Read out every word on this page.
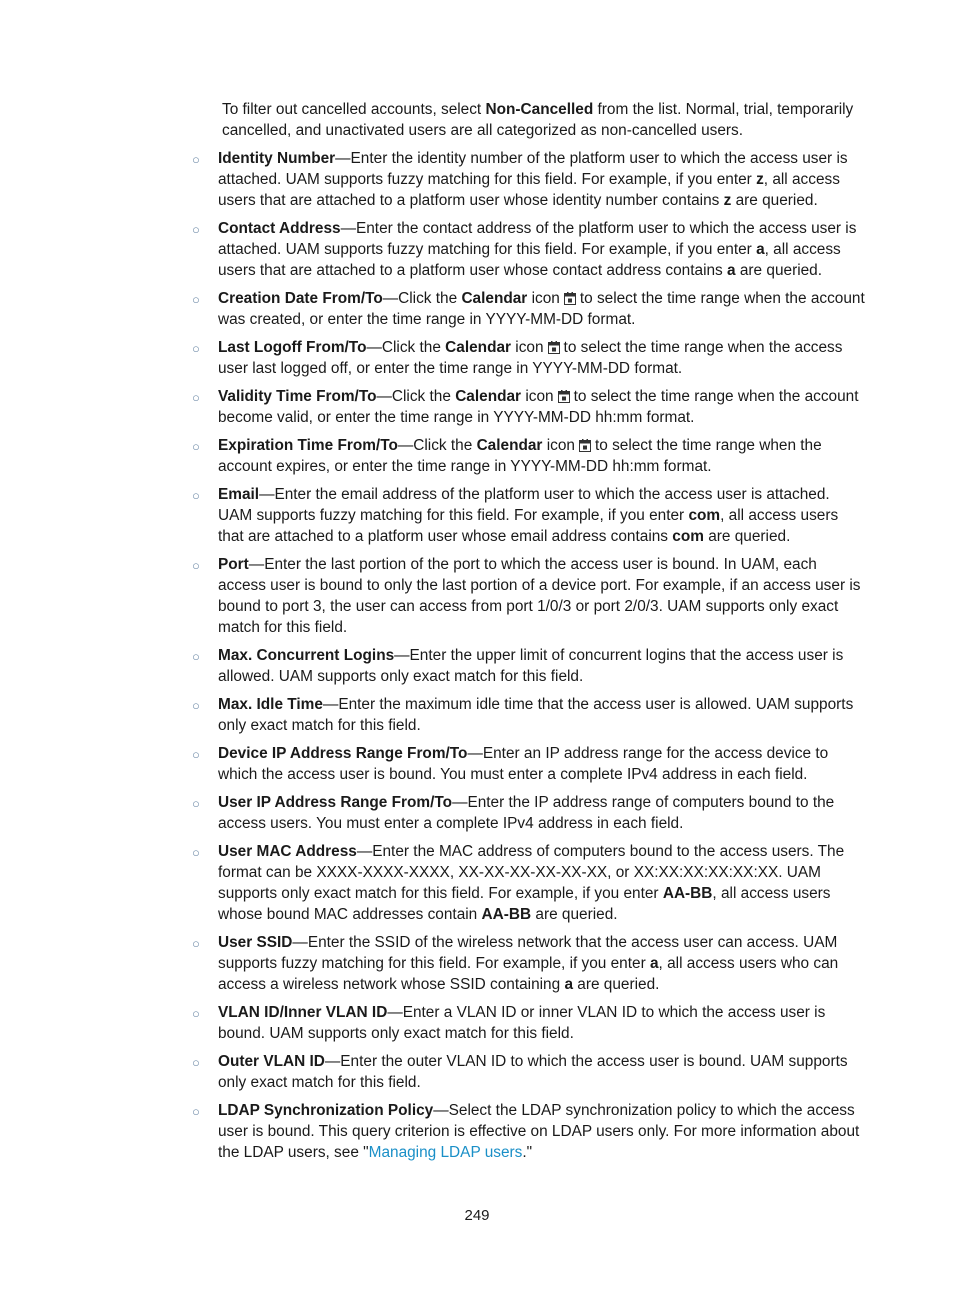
To filter out cancelled accounts, select Non-Cancelled from the list. Normal, trial, temporarily cancelled, and unactivated users are all categorized as non-cancelled users.

○ Identity Number—Enter the identity number of the platform user to which the access user is attached. UAM supports fuzzy matching for this field. For example, if you enter z, all access users that are attached to a platform user whose identity number contains z are queried.
○ Contact Address—Enter the contact address of the platform user to which the access user is attached. UAM supports fuzzy matching for this field. For example, if you enter a, all access users that are attached to a platform user whose contact address contains a are queried.
○ Creation Date From/To—Click the Calendar icon to select the time range when the account was created, or enter the time range in YYYY-MM-DD format.
○ Last Logoff From/To—Click the Calendar icon to select the time range when the access user last logged off, or enter the time range in YYYY-MM-DD format.
○ Validity Time From/To—Click the Calendar icon to select the time range when the account become valid, or enter the time range in YYYY-MM-DD hh:mm format.
○ Expiration Time From/To—Click the Calendar icon to select the time range when the account expires, or enter the time range in YYYY-MM-DD hh:mm format.
○ Email—Enter the email address of the platform user to which the access user is attached. UAM supports fuzzy matching for this field. For example, if you enter com, all access users that are attached to a platform user whose email address contains com are queried.
○ Port—Enter the last portion of the port to which the access user is bound. In UAM, each access user is bound to only the last portion of a device port. For example, if an access user is bound to port 3, the user can access from port 1/0/3 or port 2/0/3. UAM supports only exact match for this field.
○ Max. Concurrent Logins—Enter the upper limit of concurrent logins that the access user is allowed. UAM supports only exact match for this field.
○ Max. Idle Time—Enter the maximum idle time that the access user is allowed. UAM supports only exact match for this field.
○ Device IP Address Range From/To—Enter an IP address range for the access device to which the access user is bound. You must enter a complete IPv4 address in each field.
○ User IP Address Range From/To—Enter the IP address range of computers bound to the access users. You must enter a complete IPv4 address in each field.
○ User MAC Address—Enter the MAC address of computers bound to the access users. The format can be XXXX-XXXX-XXXX, XX-XX-XX-XX-XX-XX, or XX:XX:XX:XX:XX:XX. UAM supports only exact match for this field. For example, if you enter AA-BB, all access users whose bound MAC addresses contain AA-BB are queried.
○ User SSID—Enter the SSID of the wireless network that the access user can access. UAM supports fuzzy matching for this field. For example, if you enter a, all access users who can access a wireless network whose SSID containing a are queried.
○ VLAN ID/Inner VLAN ID—Enter a VLAN ID or inner VLAN ID to which the access user is bound. UAM supports only exact match for this field.
○ Outer VLAN ID—Enter the outer VLAN ID to which the access user is bound. UAM supports only exact match for this field.
○ LDAP Synchronization Policy—Select the LDAP synchronization policy to which the access user is bound. This query criterion is effective on LDAP users only. For more information about the LDAP users, see "Managing LDAP users."
249
